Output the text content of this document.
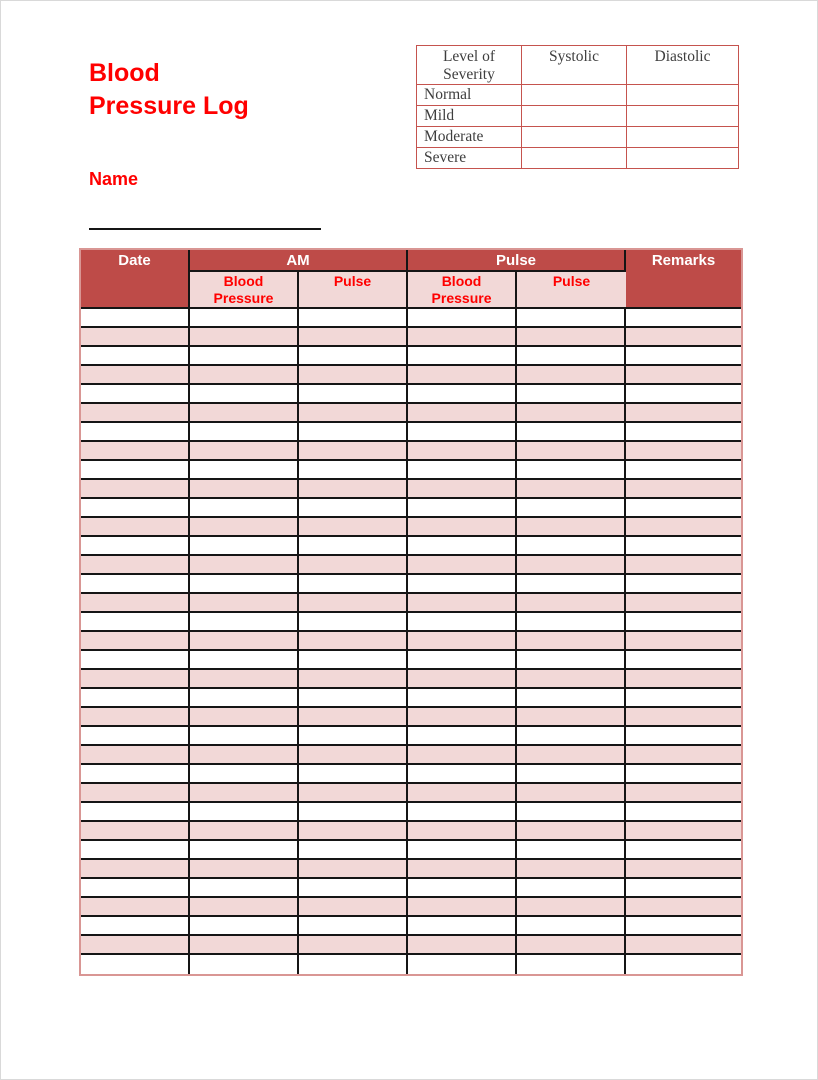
Blood
Pressure Log
Level of Severity	Systolic	Diastolic
Normal		
Mild		
Moderate		
Severe		
Name
Date	AM		Pulse		Remarks

	Blood Pressure	Pulse	Blood Pressure	Pulse	
